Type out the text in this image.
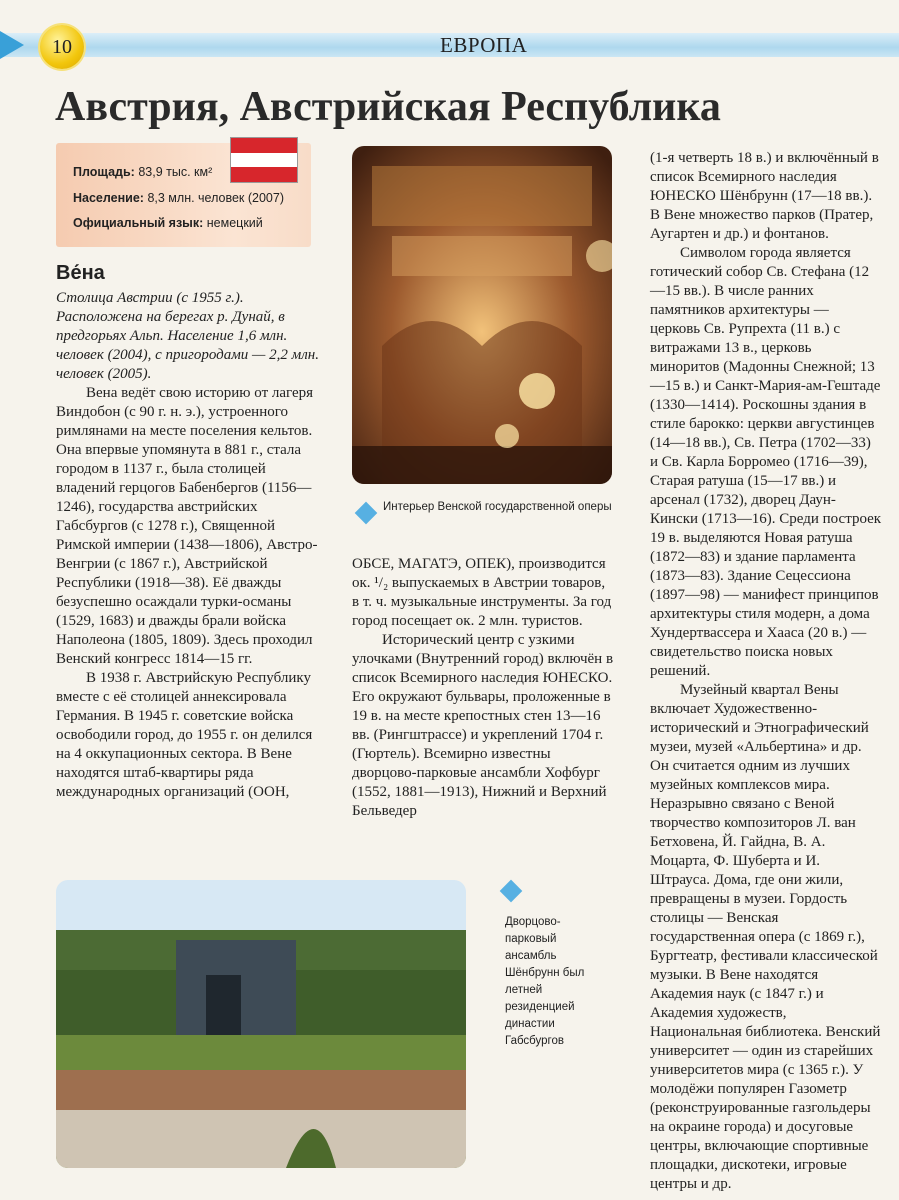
10	ЕВРОПА
Австрия, Австрийская Республика
Площадь: 83,9 тыс. км²
Население: 8,3 млн. человек (2007)
Официальный язык: немецкий
Ве́на

Столица Австрии (с 1955 г.). Расположена на берегах р. Дунай, в предгорьях Альп. Население 1,6 млн. человек (2004), с пригородами — 2,2 млн. человек (2005).

Вена ведёт свою историю от лагеря Виндобон (с 90 г. н. э.), устроенного римлянами на месте поселения кельтов. Она впервые упомянута в 881 г., стала городом в 1137 г., была столицей владений герцогов Бабенбергов (1156—1246), государства австрийских Габсбургов (с 1278 г.), Священной Римской империи (1438—1806), Австро-Венгрии (с 1867 г.), Австрийской Республики (1918—38). Её дважды безуспешно осаждали турки-османы (1529, 1683) и дважды брали войска Наполеона (1805, 1809). Здесь проходил Венский конгресс 1814—15 гг.

В 1938 г. Австрийскую Республику вместе с её столицей аннексировала Германия. В 1945 г. советские войска освободили город, до 1955 г. он делился на 4 оккупационных сектора. В Вене находятся штаб-квартиры ряда международных организаций (ООН,

Интерьер Венской государственной оперы

ОБСЕ, МАГАТЭ, ОПЕК), производится ок. ¹/₂ выпускаемых в Австрии товаров, в т. ч. музыкальные инструменты. За год город посещает ок. 2 млн. туристов.

Исторический центр с узкими улочками (Внутренний город) включён в список Всемирного наследия ЮНЕСКО. Его окружают бульвары, проложенные в 19 в. на месте крепостных стен 13—16 вв. (Рингштрассе) и укреплений 1704 г. (Гюртель). Всемирно известны дворцово-парковые ансамбли Хофбург (1552, 1881—1913), Нижний и Верхний Бельведер

(1-я четверть 18 в.) и включённый в список Всемирного наследия ЮНЕСКО Шёнбрунн (17—18 вв.). В Вене множество парков (Пратер, Аугартен и др.) и фонтанов.

Символом города является готический собор Св. Стефана (12—15 вв.). В числе ранних памятников архитектуры — церковь Св. Рупрехта (11 в.) с витражами 13 в., церковь миноритов (Мадонны Снежной; 13—15 в.) и Санкт-Мария-ам-Гештаде (1330—1414). Роскошны здания в стиле барокко: церкви августинцев (14—18 вв.), Св. Петра (1702—33) и Св. Карла Борромео (1716—39), Старая ратуша (15—17 вв.) и арсенал (1732), дворец Даун-Кински (1713—16). Среди построек 19 в. выделяются Новая ратуша (1872—83) и здание парламента (1873—83). Здание Сецессиона (1897—98) — манифест принципов архитектуры стиля модерн, а дома Хундертвассера и Хааса (20 в.) — свидетельство поиска новых решений.

Музейный квартал Вены включает Художественно-исторический и Этнографический музеи, музей «Альбертина» и др. Он считается одним из лучших музейных комплексов мира. Неразрывно связано с Веной творчество композиторов Л. ван Бетховена, Й. Гайдна, В. А. Моцарта, Ф. Шуберта и И. Штрауса. Дома, где они жили, превращены в музеи. Гордость столицы — Венская государственная опера (с 1869 г.), Бургтеатр, фестивали классической музыки. В Вене находятся Академия наук (с 1847 г.) и Академия художеств, Национальная библиотека. Венский университет — один из старейших университетов мира (с 1365 г.). У молодёжи популярен Газометр (реконструированные газгольдеры на окраине города) и досуговые центры, включающие спортивные площадки, дискотеки, игровые центры и др.

Дворцово-парковый ансамбль Шёнбрунн был летней резиденцией династии Габсбургов
